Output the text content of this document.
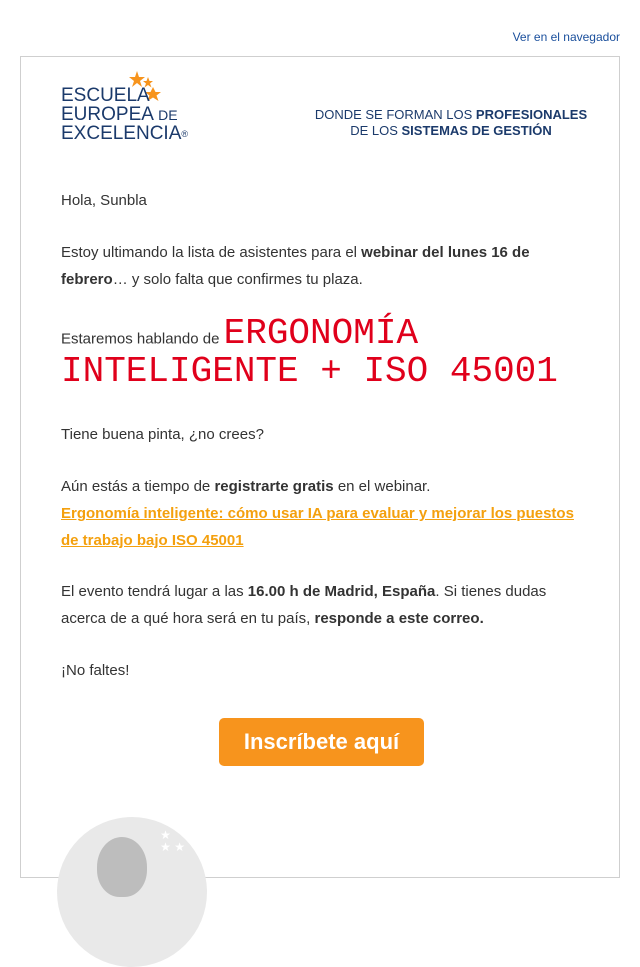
Ver en el navegador
ESCUELA
EUROPEA DE
EXCELENCIA®
DONDE SE FORMAN LOS PROFESIONALES
DE LOS SISTEMAS DE GESTIÓN

Hola, Sunbla

Estoy ultimando la lista de asistentes para el webinar del lunes 16 de febrero… y solo falta que confirmes tu plaza.

Estaremos hablando de ERGONOMÍA
INTELIGENTE + ISO 45001

Tiene buena pinta, ¿no crees?

Aún estás a tiempo de registrarte gratis en el webinar.
Ergonomía inteligente: cómo usar IA para evaluar y mejorar los puestos de trabajo bajo ISO 45001

El evento tendrá lugar a las 16.00 h de Madrid, España. Si tienes dudas acerca de a qué hora será en tu país, responde a este correo.

¡No faltes!

Inscríbete aquí
★
★ ★
